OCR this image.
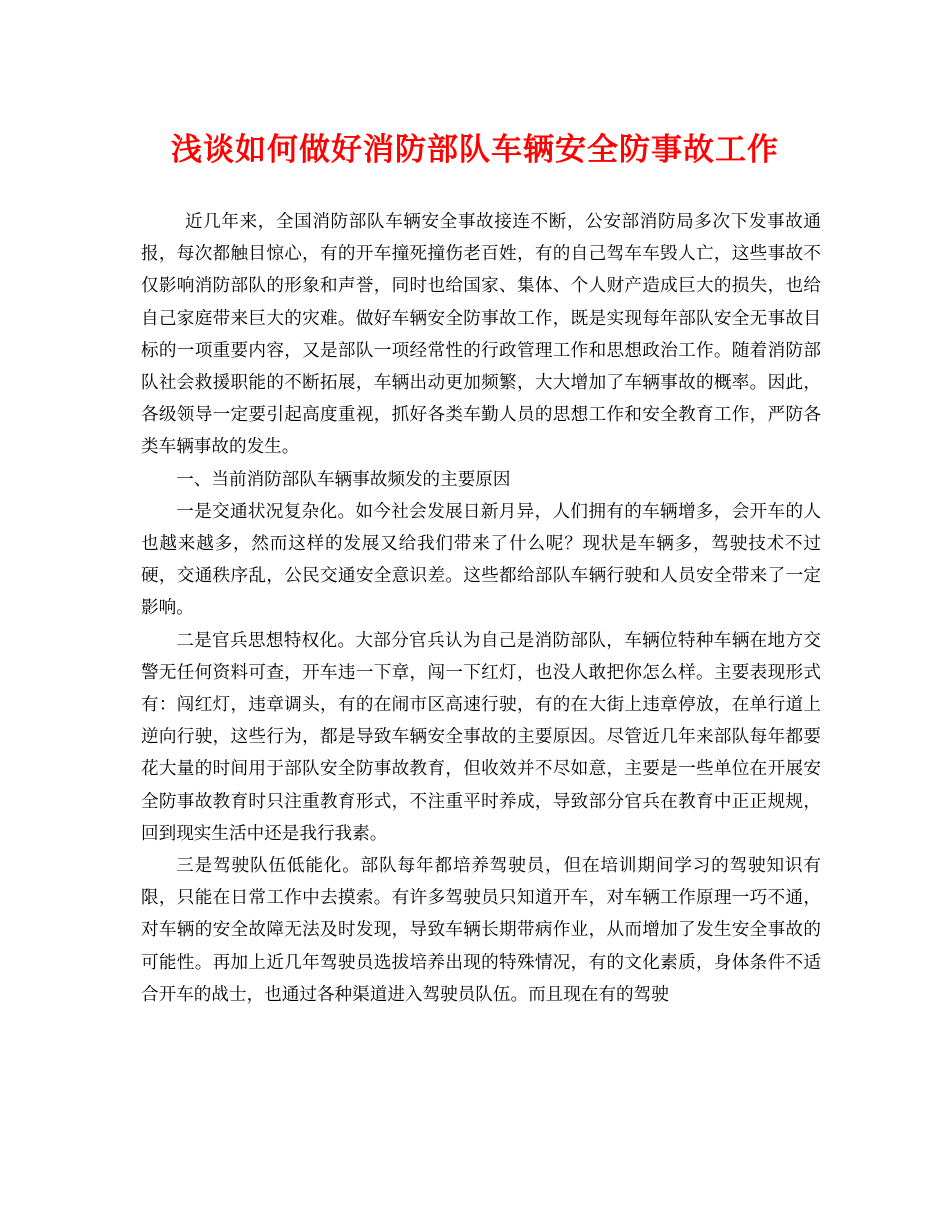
浅谈如何做好消防部队车辆安全防事故工作

近几年来，全国消防部队车辆安全事故接连不断，公安部消防局多次下发事故通报，每次都触目惊心，有的开车撞死撞伤老百姓，有的自己驾车车毁人亡，这些事故不仅影响消防部队的形象和声誉，同时也给国家、集体、个人财产造成巨大的损失，也给自己家庭带来巨大的灾难。做好车辆安全防事故工作，既是实现每年部队安全无事故目标的一项重要内容，又是部队一项经常性的行政管理工作和思想政治工作。随着消防部队社会救援职能的不断拓展，车辆出动更加频繁，大大增加了车辆事故的概率。因此，各级领导一定要引起高度重视，抓好各类车勤人员的思想工作和安全教育工作，严防各类车辆事故的发生。

一、当前消防部队车辆事故频发的主要原因

一是交通状况复杂化。如今社会发展日新月异，人们拥有的车辆增多，会开车的人也越来越多，然而这样的发展又给我们带来了什么呢？现状是车辆多，驾驶技术不过硬，交通秩序乱，公民交通安全意识差。这些都给部队车辆行驶和人员安全带来了一定影响。

二是官兵思想特权化。大部分官兵认为自己是消防部队，车辆位特种车辆在地方交警无任何资料可查，开车违一下章，闯一下红灯，也没人敢把你怎么样。主要表现形式有：闯红灯，违章调头，有的在闹市区高速行驶，有的在大街上违章停放，在单行道上逆向行驶，这些行为，都是导致车辆安全事故的主要原因。尽管近几年来部队每年都要花大量的时间用于部队安全防事故教育，但收效并不尽如意，主要是一些单位在开展安全防事故教育时只注重教育形式，不注重平时养成，导致部分官兵在教育中正正规规，回到现实生活中还是我行我素。

三是驾驶队伍低能化。部队每年都培养驾驶员，但在培训期间学习的驾驶知识有限，只能在日常工作中去摸索。有许多驾驶员只知道开车，对车辆工作原理一巧不通，对车辆的安全故障无法及时发现，导致车辆长期带病作业，从而增加了发生安全事故的可能性。再加上近几年驾驶员选拔培养出现的特殊情况，有的文化素质，身体条件不适合开车的战士，也通过各种渠道进入驾驶员队伍。而且现在有的驾驶
